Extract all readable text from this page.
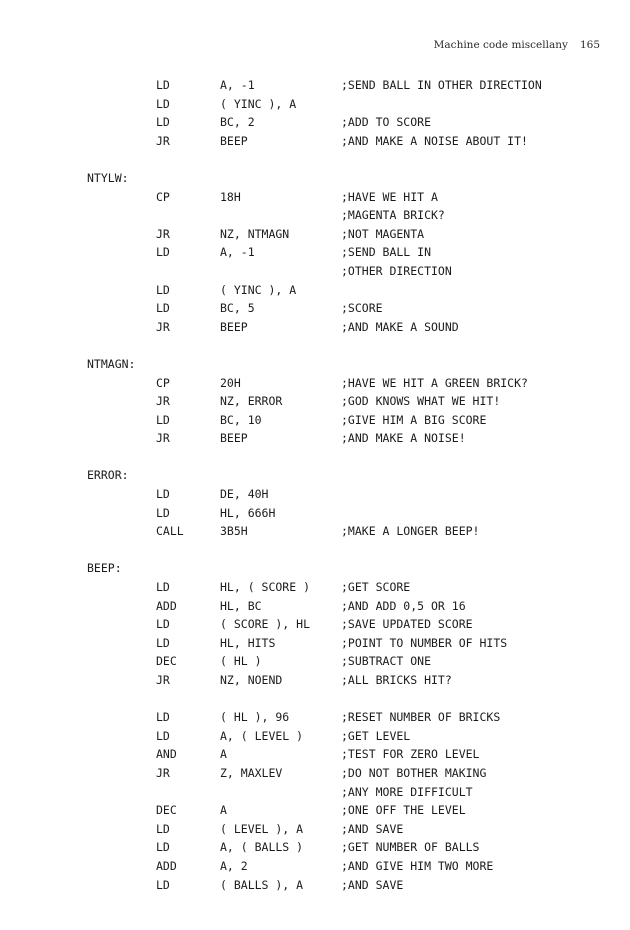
Machine code miscellany 165
LD	A, -1	;SEND BALL IN OTHER DIRECTION
LD	( YINC ), A
LD	BC, 2	;ADD TO SCORE
JR	BEEP	;AND MAKE A NOISE ABOUT IT!
NTYLW:
CP	18H	;HAVE WE HIT A
;MAGENTA BRICK?
JR	NZ, NTMAGN	;NOT MAGENTA
LD	A, -1	;SEND BALL IN
;OTHER DIRECTION
LD	( YINC ), A
LD	BC, 5	;SCORE
JR	BEEP	;AND MAKE A SOUND
NTMAGN:
CP	20H	;HAVE WE HIT A GREEN BRICK?
JR	NZ, ERROR	;GOD KNOWS WHAT WE HIT!
LD	BC, 10	;GIVE HIM A BIG SCORE
JR	BEEP	;AND MAKE A NOISE!
ERROR:
LD	DE, 40H
LD	HL, 666H
CALL	3B5H	;MAKE A LONGER BEEP!
BEEP:
LD	HL, ( SCORE )	;GET SCORE
ADD	HL, BC	;AND ADD 0,5 OR 16
LD	( SCORE ), HL	;SAVE UPDATED SCORE
LD	HL, HITS	;POINT TO NUMBER OF HITS
DEC	( HL )	;SUBTRACT ONE
JR	NZ, NOEND	;ALL BRICKS HIT?
LD	( HL ), 96	;RESET NUMBER OF BRICKS
LD	A, ( LEVEL )	;GET LEVEL
AND	A	;TEST FOR ZERO LEVEL
JR	Z, MAXLEV	;DO NOT BOTHER MAKING
;ANY MORE DIFFICULT
DEC	A	;ONE OFF THE LEVEL
LD	( LEVEL ), A	;AND SAVE
LD	A, ( BALLS )	;GET NUMBER OF BALLS
ADD	A, 2	;AND GIVE HIM TWO MORE
LD	( BALLS ), A	;AND SAVE
